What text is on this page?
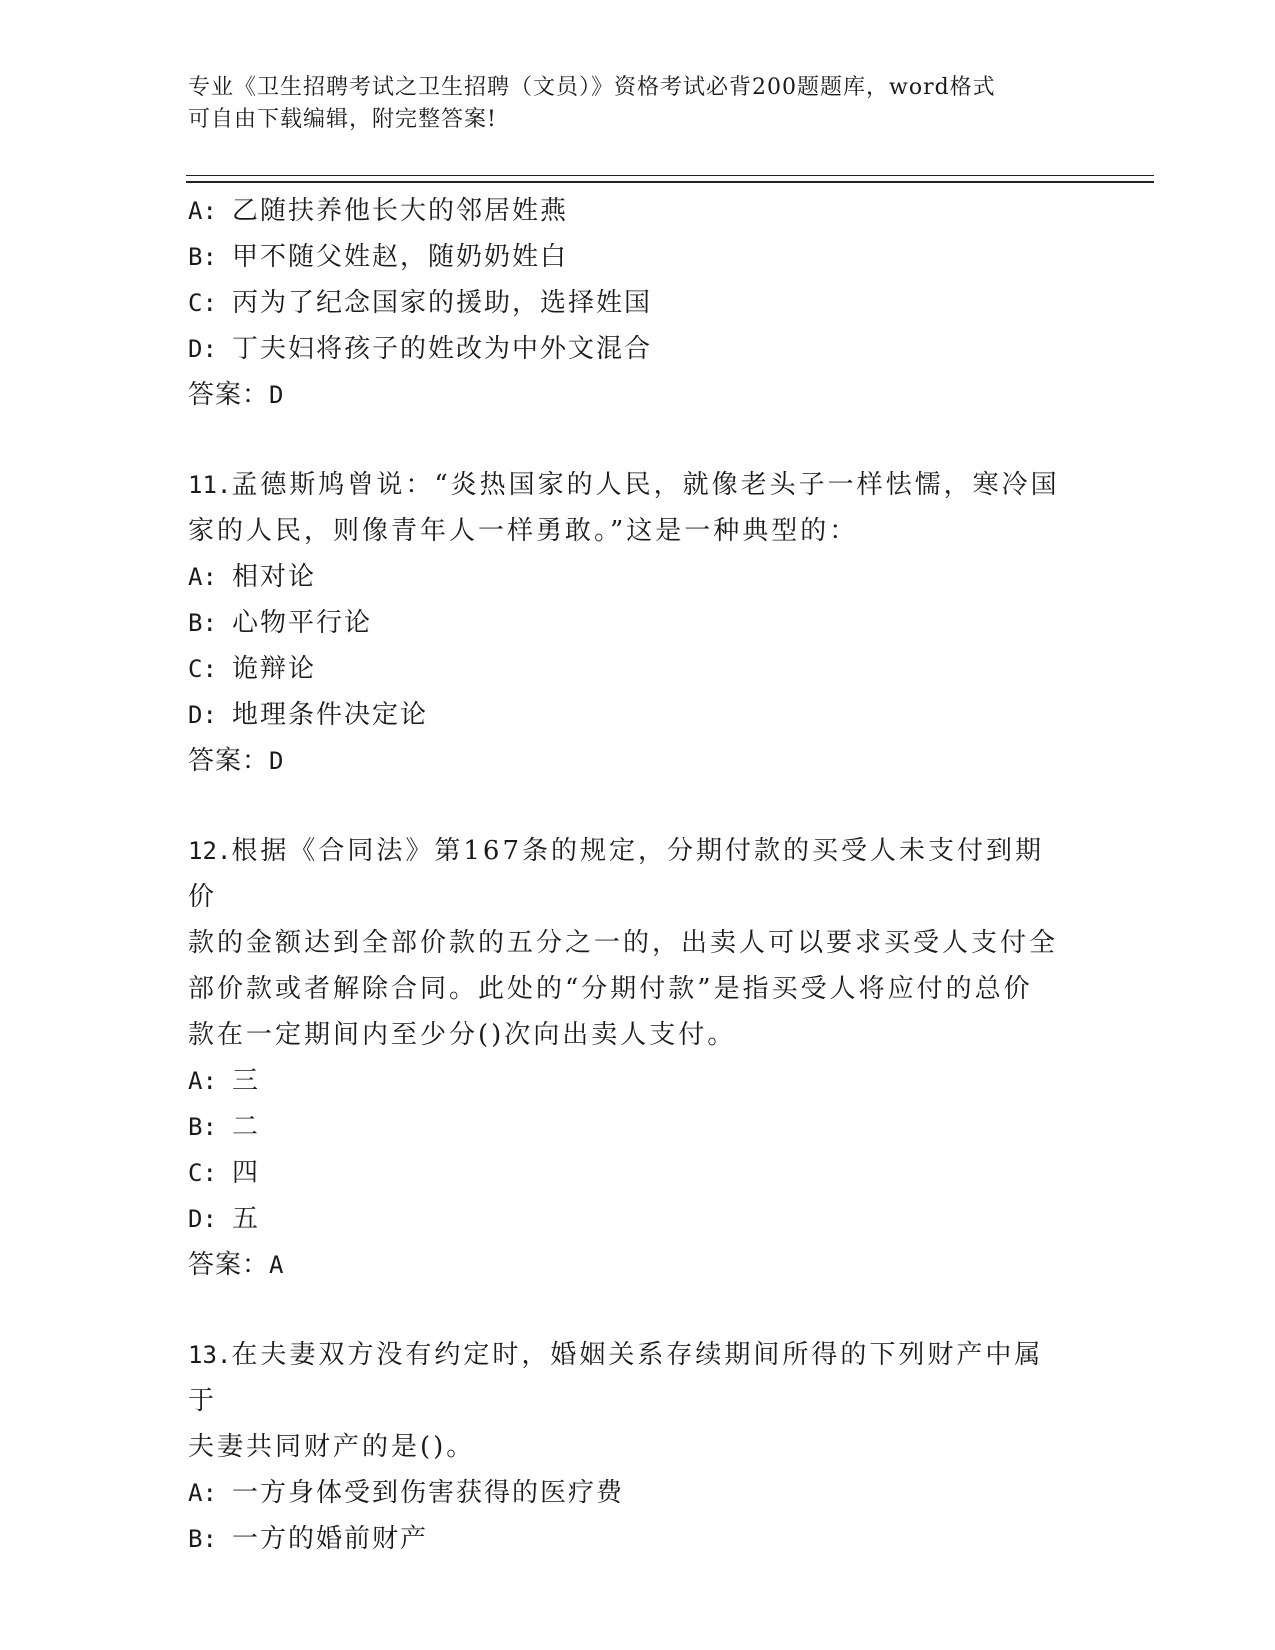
专业《卫生招聘考试之卫生招聘（文员）》资格考试必背200题题库，word格式
可自由下载编辑，附完整答案!
A: 乙随扶养他长大的邻居姓燕
B: 甲不随父姓赵，随奶奶姓白
C: 丙为了纪念国家的援助，选择姓国
D: 丁夫妇将孩子的姓改为中外文混合
答案：D
11.孟德斯鸠曾说：“炎热国家的人民，就像老头子一样怯懦，寒冷国
家的人民，则像青年人一样勇敢。”这是一种典型的：
A: 相对论
B: 心物平行论
C: 诡辩论
D: 地理条件决定论
答案：D
12.根据《合同法》第167条的规定，分期付款的买受人未支付到期价
款的金额达到全部价款的五分之一的，出卖人可以要求买受人支付全
部价款或者解除合同。此处的“分期付款”是指买受人将应付的总价
款在一定期间内至少分()次向出卖人支付。
A: 三
B: 二
C: 四
D: 五
答案：A
13.在夫妻双方没有约定时，婚姻关系存续期间所得的下列财产中属于
夫妻共同财产的是()。
A: 一方身体受到伤害获得的医疗费
B: 一方的婚前财产
